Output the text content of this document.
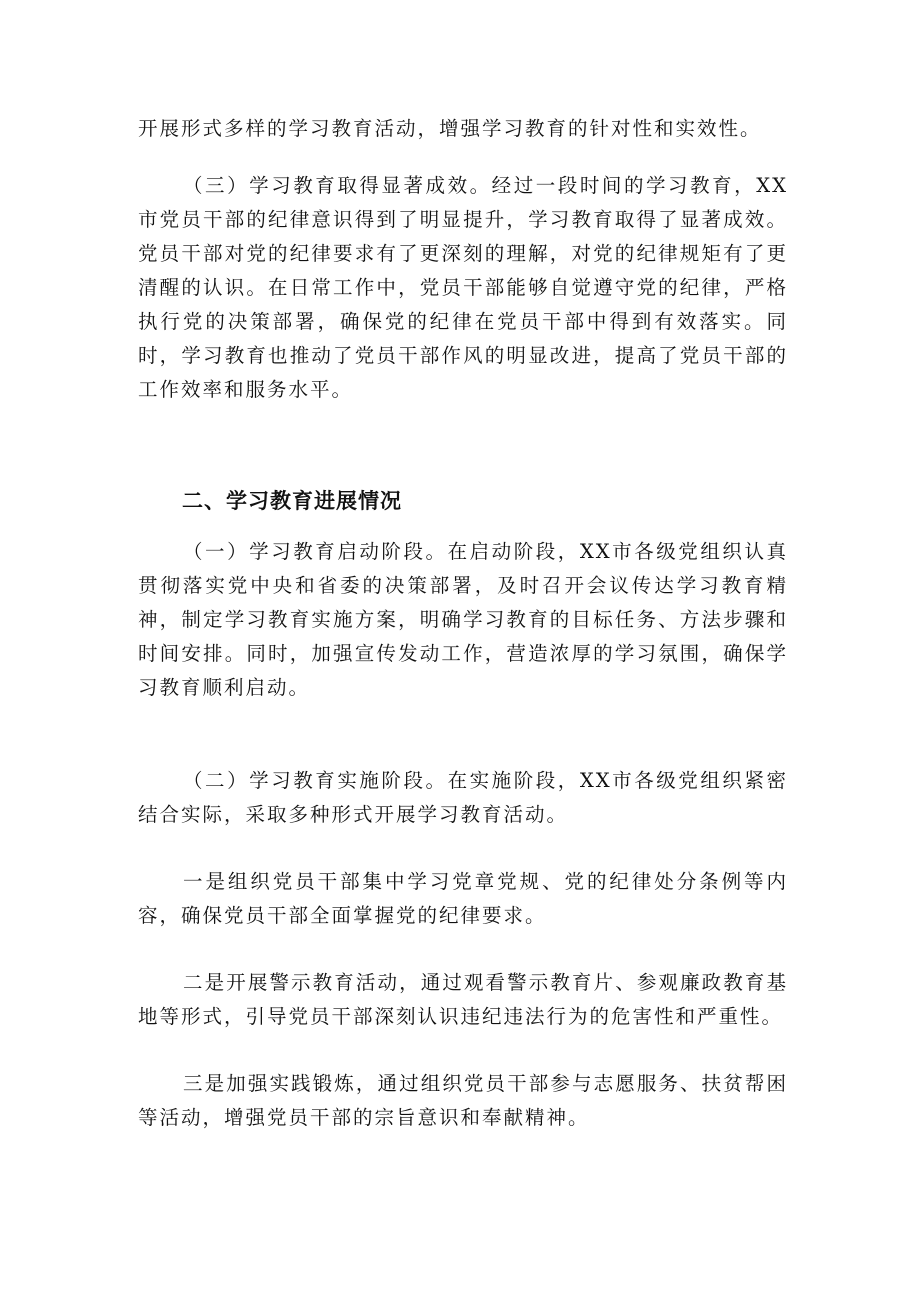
开展形式多样的学习教育活动，增强学习教育的针对性和实效性。

（三）学习教育取得显著成效。经过一段时间的学习教育，XX市党员干部的纪律意识得到了明显提升，学习教育取得了显著成效。党员干部对党的纪律要求有了更深刻的理解，对党的纪律规矩有了更清醒的认识。在日常工作中，党员干部能够自觉遵守党的纪律，严格执行党的决策部署，确保党的纪律在党员干部中得到有效落实。同时，学习教育也推动了党员干部作风的明显改进，提高了党员干部的工作效率和服务水平。

二、学习教育进展情况

（一）学习教育启动阶段。在启动阶段，XX市各级党组织认真贯彻落实党中央和省委的决策部署，及时召开会议传达学习教育精神，制定学习教育实施方案，明确学习教育的目标任务、方法步骤和时间安排。同时，加强宣传发动工作，营造浓厚的学习氛围，确保学习教育顺利启动。

（二）学习教育实施阶段。在实施阶段，XX市各级党组织紧密结合实际，采取多种形式开展学习教育活动。

一是组织党员干部集中学习党章党规、党的纪律处分条例等内容，确保党员干部全面掌握党的纪律要求。

二是开展警示教育活动，通过观看警示教育片、参观廉政教育基地等形式，引导党员干部深刻认识违纪违法行为的危害性和严重性。

三是加强实践锻炼，通过组织党员干部参与志愿服务、扶贫帮困等活动，增强党员干部的宗旨意识和奉献精神。
